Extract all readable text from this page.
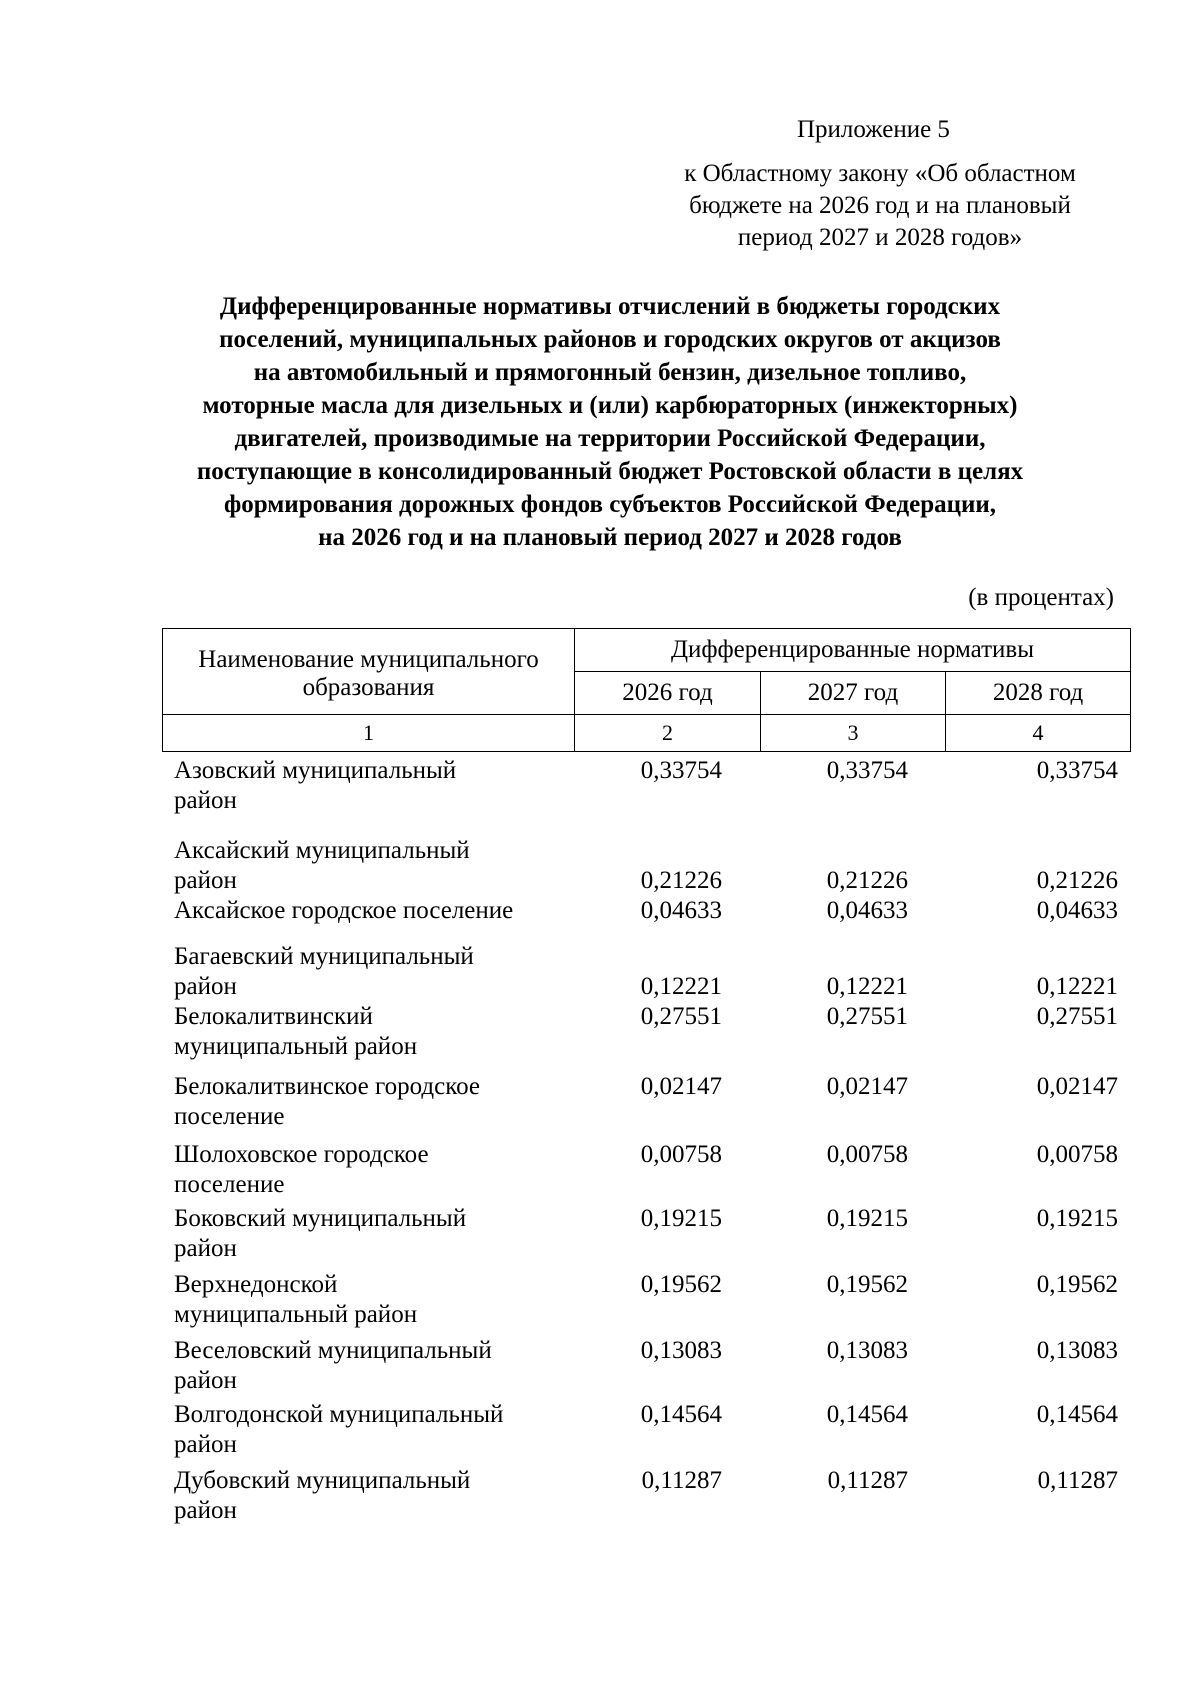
Приложение 5
к Областному закону «Об областном
бюджете на 2026 год и на плановый
период 2027 и 2028 годов»
Дифференцированные нормативы отчислений в бюджеты городских
поселений, муниципальных районов и городских округов от акцизов
на автомобильный и прямогонный бензин, дизельное топливо,
моторные масла для дизельных и (или) карбюраторных (инжекторных)
двигателей, производимые на территории Российской Федерации,
поступающие в консолидированный бюджет Ростовской области в целях
формирования дорожных фондов субъектов Российской Федерации,
на 2026 год и на плановый период 2027 и 2028 годов
(в процентах)
Наименование муниципального
образования	Дифференцированные нормативы		
	2026 год	2027 год	2028 год
1	2	3	4
Азовский муниципальный
район
0,33754	0,33754	0,33754
Аксайский муниципальный
район	0,21226	0,21226	0,21226
Аксайское городское поселение	0,04633	0,04633	0,04633
Багаевский муниципальный
район	0,12221	0,12221	0,12221
Белокалитвинский
муниципальный район
0,27551	0,27551	0,27551
Белокалитвинское городское
поселение
0,02147	0,02147	0,02147
Шолоховское городское
поселение
0,00758	0,00758	0,00758
Боковский муниципальный
район
0,19215	0,19215	0,19215
Верхнедонской
муниципальный район
0,19562	0,19562	0,19562
Веселовский муниципальный
район
0,13083	0,13083	0,13083
Волгодонской муниципальный
район
0,14564	0,14564	0,14564
Дубовский муниципальный
район
0,11287	0,11287	0,11287
